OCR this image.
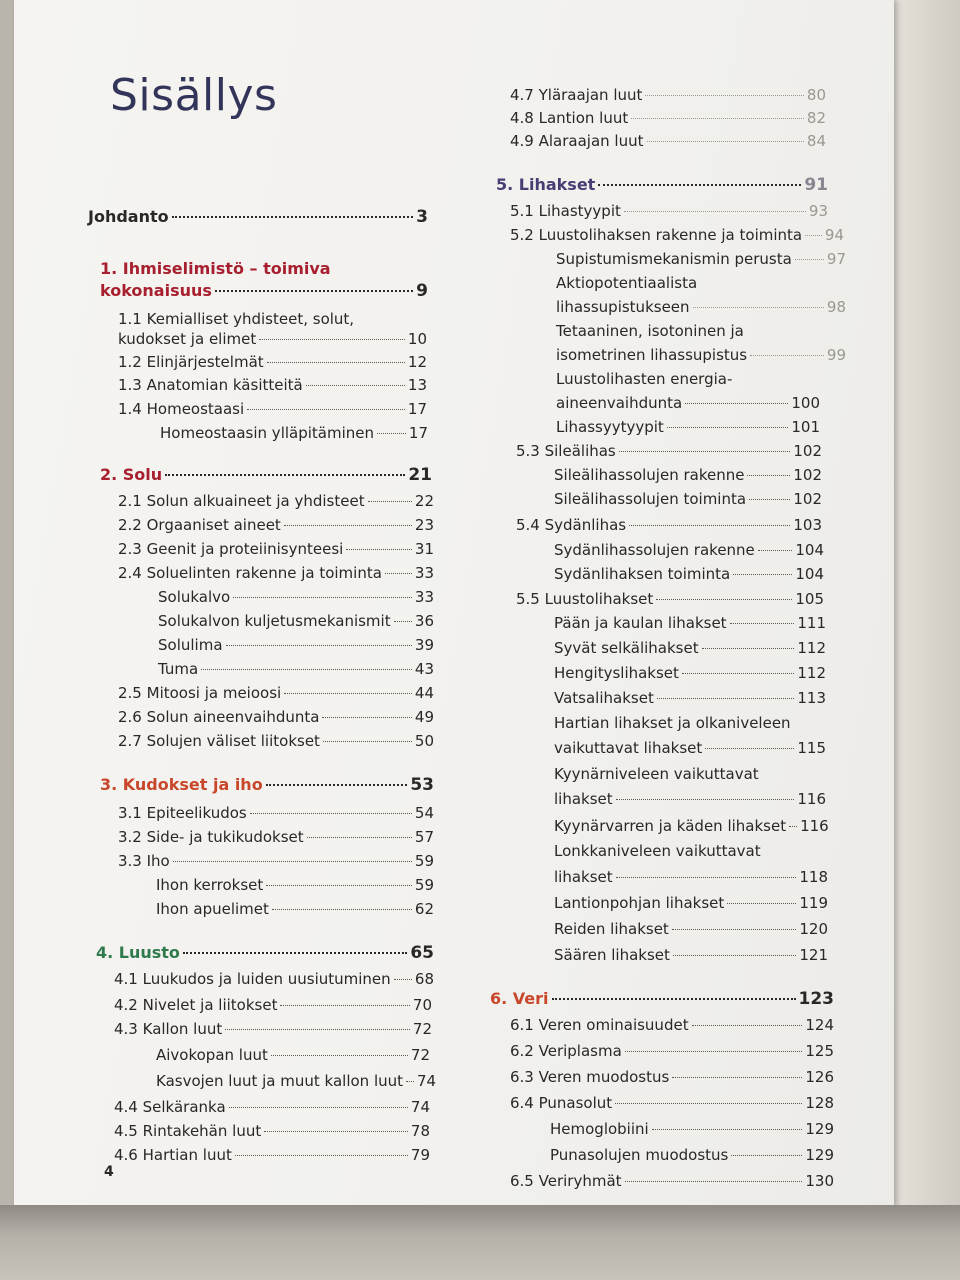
Sisällys
Johdanto	3
1. Ihmiselimistö – toimiva
kokonaisuus	9
1.1 Kemialliset yhdisteet, solut,
kudokset ja elimet	10
1.2 Elinjärjestelmät	12
1.3 Anatomian käsitteitä	13
1.4 Homeostaasi	17
Homeostaasin ylläpitäminen 17
2. Solu	21
2.1 Solun alkuaineet ja yhdisteet	22
2.2 Orgaaniset aineet	23
2.3 Geenit ja proteiinisynteesi	31
2.4 Soluelinten rakenne ja toiminta 33
Solukalvo	33
Solukalvon kuljetusmekanismit 36
Solulima	39
Tuma	43
2.5 Mitoosi ja meioosi	44
2.6 Solun aineenvaihdunta	49
2.7 Solujen väliset liitokset	50
3. Kudokset ja iho	53
3.1 Epiteelikudos	54
3.2 Side- ja tukikudokset	57
3.3 Iho	59
Ihon kerrokset	59
Ihon apuelimet	62
4. Luusto	65
4.1 Luukudos ja luiden uusiutuminen 68
4.2 Nivelet ja liitokset	70
4.3 Kallon luut	72
Aivokopan luut	72
Kasvojen luut ja muut kallon luut 74
4.4 Selkäranka	74
4.5 Rintakehän luut	78
4.6 Hartian luut	79
4
4.7 Yläraajan luut	80
4.8 Lantion luut	82
4.9 Alaraajan luut	84
5. Lihakset	91
5.1 Lihastyypit	93
5.2 Luustolihaksen rakenne ja toiminta 94
Supistumismekanismin perusta 97
Aktiopotentiaalista
lihassupistukseen	98
Tetaaninen, isotoninen ja
isometrinen lihassupistus	99
Luustolihasten energia-
aineenvaihdunta	100
Lihassyytyypit	101
5.3 Sileälihas	102
Sileälihassolujen rakenne	102
Sileälihassolujen toiminta	102
5.4 Sydänlihas	103
Sydänlihassolujen rakenne	104
Sydänlihaksen toiminta	104
5.5 Luustolihakset	105
Pään ja kaulan lihakset	111
Syvät selkälihakset	112
Hengityslihakset	112
Vatsalihakset	113
Hartian lihakset ja olkaniveleen
vaikuttavat lihakset	115
Kyynärniveleen vaikuttavat
lihakset	116
Kyynärvarren ja käden lihakset 116
Lonkkaniveleen vaikuttavat
lihakset	118
Lantionpohjan lihakset	119
Reiden lihakset	120
Säären lihakset	121
6. Veri	123
6.1 Veren ominaisuudet	124
6.2 Veriplasma	125
6.3 Veren muodostus	126
6.4 Punasolut	128
Hemoglobiini	129
Punasolujen muodostus	129
6.5 Veriryhmät	130
